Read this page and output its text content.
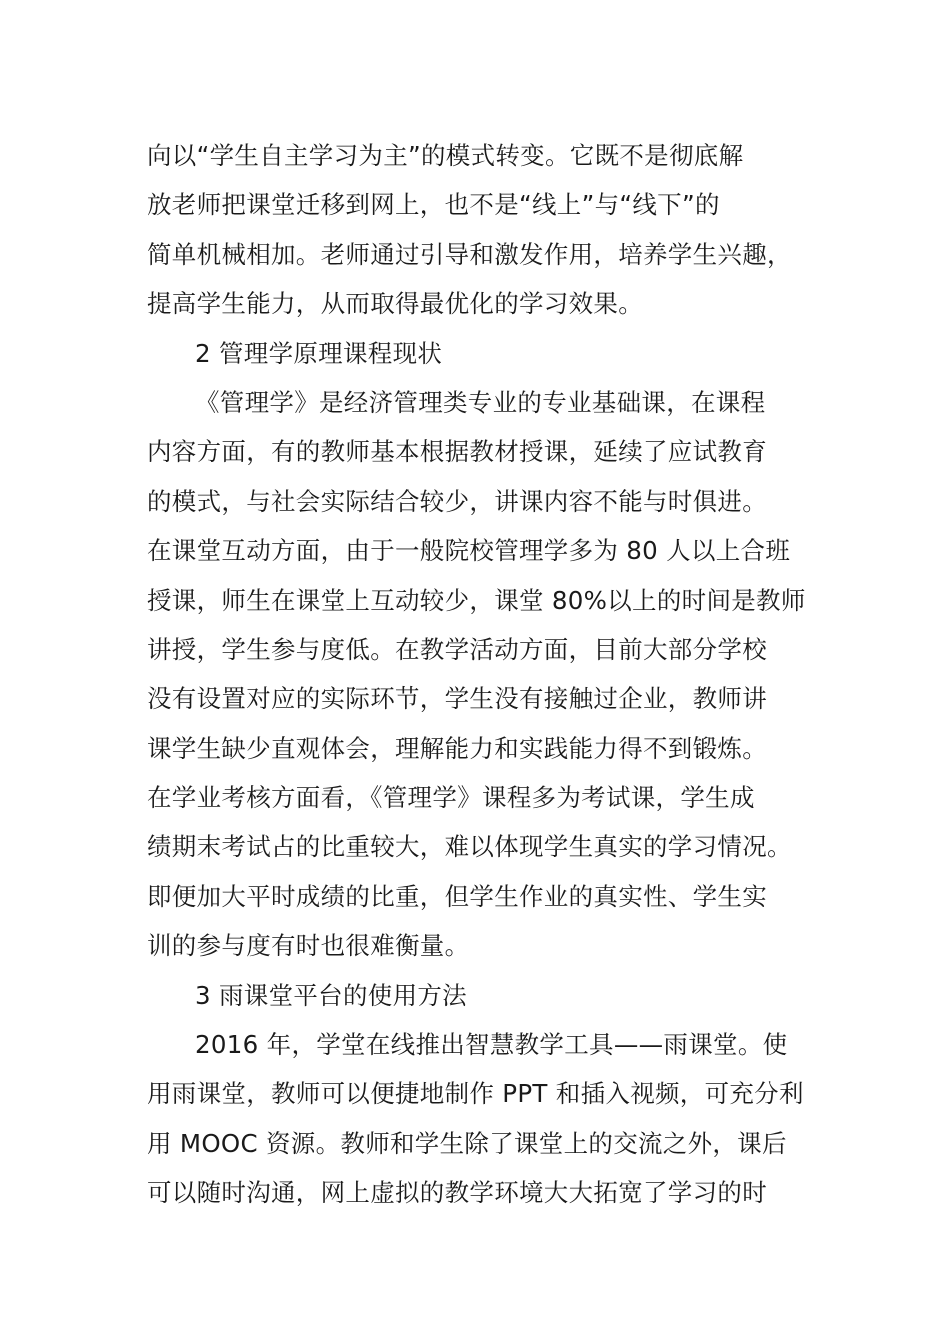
向以“学生自主学习为主”的模式转变。它既不是彻底解
放老师把课堂迁移到网上，也不是“线上”与“线下”的
简单机械相加。老师通过引导和激发作用，培养学生兴趣，
提高学生能力，从而取得最优化的学习效果。
2 管理学原理课程现状
《管理学》是经济管理类专业的专业基础课，在课程
内容方面，有的教师基本根据教材授课，延续了应试教育
的模式，与社会实际结合较少，讲课内容不能与时俱进。
在课堂互动方面，由于一般院校管理学多为 80 人以上合班
授课，师生在课堂上互动较少，课堂 80%以上的时间是教师
讲授，学生参与度低。在教学活动方面，目前大部分学校
没有设置对应的实际环节，学生没有接触过企业，教师讲
课学生缺少直观体会，理解能力和实践能力得不到锻炼。
在学业考核方面看，《管理学》课程多为考试课，学生成
绩期末考试占的比重较大，难以体现学生真实的学习情况。
即便加大平时成绩的比重，但学生作业的真实性、学生实
训的参与度有时也很难衡量。
3 雨课堂平台的使用方法
2016 年，学堂在线推出智慧教学工具——雨课堂。使
用雨课堂，教师可以便捷地制作 PPT 和插入视频，可充分利
用 MOOC 资源。教师和学生除了课堂上的交流之外，课后
可以随时沟通，网上虚拟的教学环境大大拓宽了学习的时
